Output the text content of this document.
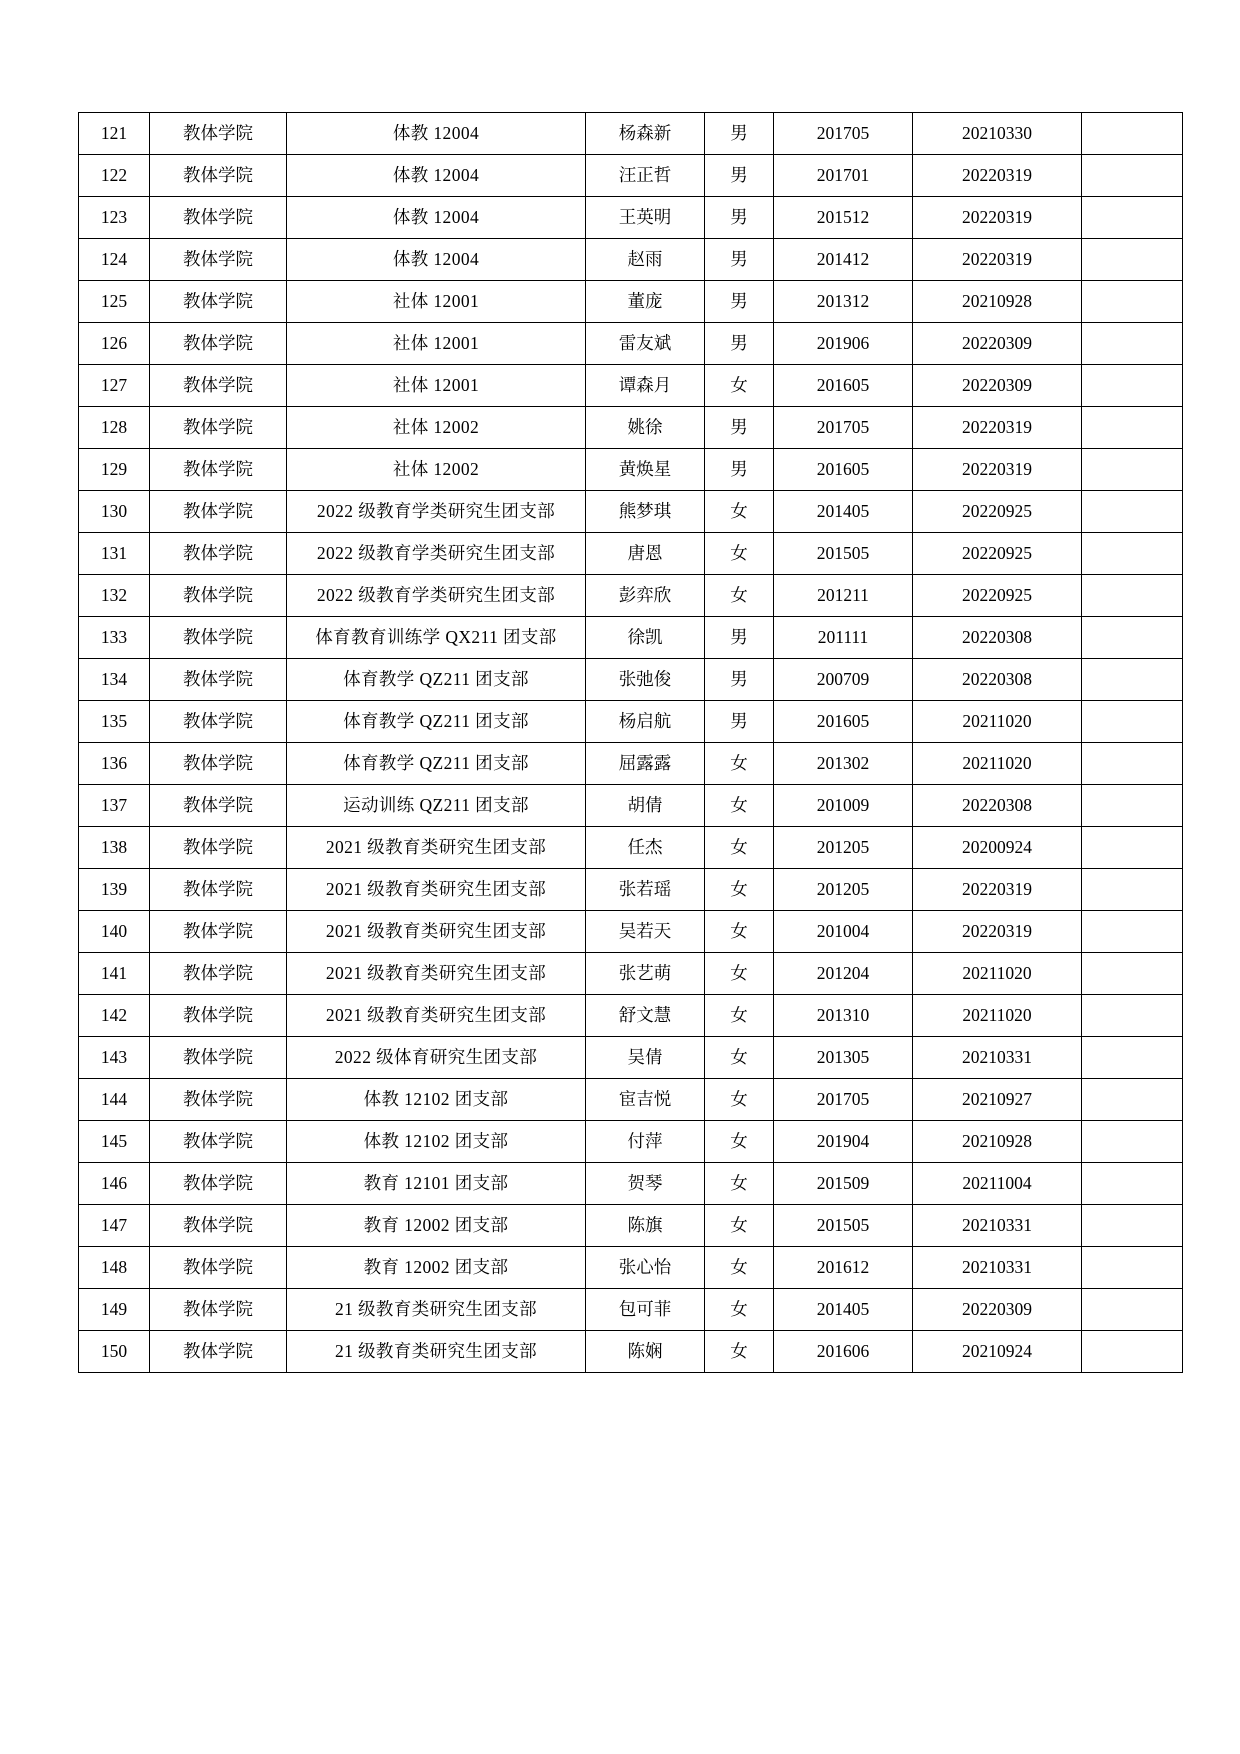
121	教体学院	体教 12004	杨森新	男	201705	20210330	
122	教体学院	体教 12004	汪正哲	男	201701	20220319	
123	教体学院	体教 12004	王英明	男	201512	20220319	
124	教体学院	体教 12004	赵雨	男	201412	20220319	
125	教体学院	社体 12001	董庞	男	201312	20210928	
126	教体学院	社体 12001	雷友斌	男	201906	20220309	
127	教体学院	社体 12001	谭森月	女	201605	20220309	
128	教体学院	社体 12002	姚徐	男	201705	20220319	
129	教体学院	社体 12002	黄焕星	男	201605	20220319	
130	教体学院	2022 级教育学类研究生团支部	熊梦琪	女	201405	20220925	
131	教体学院	2022 级教育学类研究生团支部	唐恩	女	201505	20220925	
132	教体学院	2022 级教育学类研究生团支部	彭弈欣	女	201211	20220925	
133	教体学院	体育教育训练学 QX211 团支部	徐凯	男	201111	20220308	
134	教体学院	体育教学 QZ211 团支部	张弛俊	男	200709	20220308	
135	教体学院	体育教学 QZ211 团支部	杨启航	男	201605	20211020	
136	教体学院	体育教学 QZ211 团支部	屈露露	女	201302	20211020	
137	教体学院	运动训练 QZ211 团支部	胡倩	女	201009	20220308	
138	教体学院	2021 级教育类研究生团支部	任杰	女	201205	20200924	
139	教体学院	2021 级教育类研究生团支部	张若瑶	女	201205	20220319	
140	教体学院	2021 级教育类研究生团支部	吴若天	女	201004	20220319	
141	教体学院	2021 级教育类研究生团支部	张艺萌	女	201204	20211020	
142	教体学院	2021 级教育类研究生团支部	舒文慧	女	201310	20211020	
143	教体学院	2022 级体育研究生团支部	吴倩	女	201305	20210331	
144	教体学院	体教 12102 团支部	宦吉悦	女	201705	20210927	
145	教体学院	体教 12102 团支部	付萍	女	201904	20210928	
146	教体学院	教育 12101 团支部	贺琴	女	201509	20211004	
147	教体学院	教育 12002 团支部	陈旗	女	201505	20210331	
148	教体学院	教育 12002 团支部	张心怡	女	201612	20210331	
149	教体学院	21 级教育类研究生团支部	包可菲	女	201405	20220309	
150	教体学院	21 级教育类研究生团支部	陈娴	女	201606	20210924	
